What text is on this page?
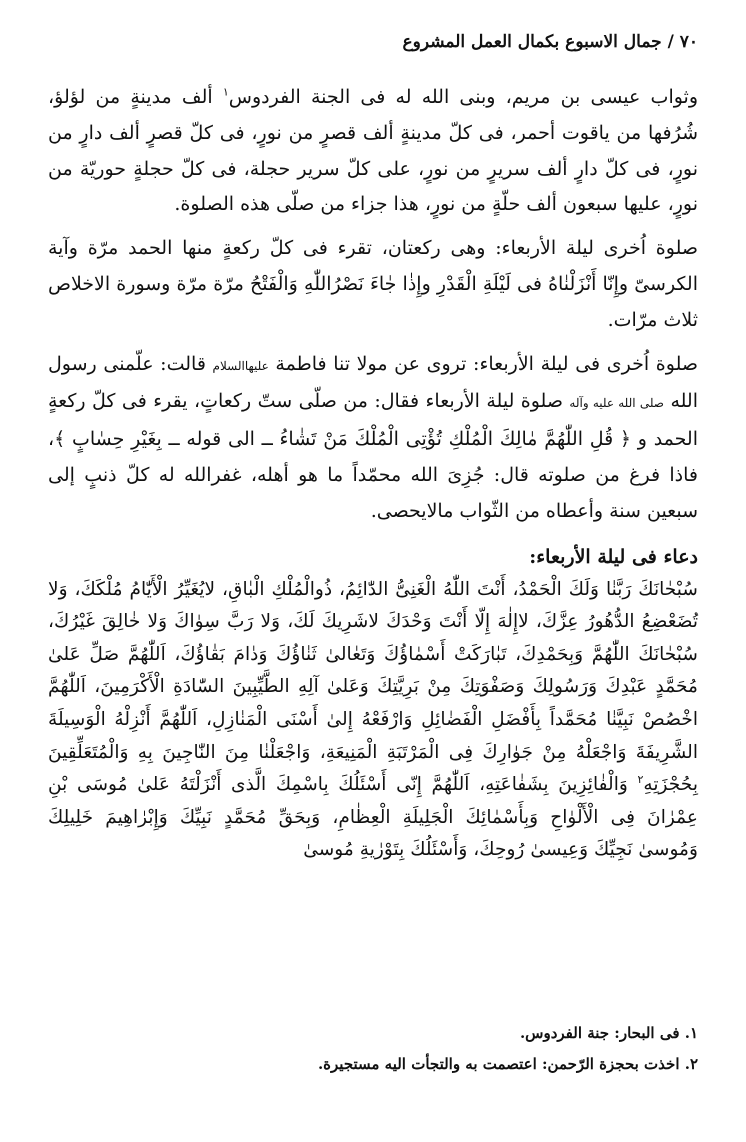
٧٠ / جمال الاسبوع بكمال العمل المشروع

وثواب عيسى بن مريم، وبنى الله له فى الجنة الفردوس$^١$ ألف مدينةٍ من لؤلؤ، شُرُفها من ياقوت أحمر، فى كلّ مدينةٍ ألف قصرٍ من نورٍ، فى كلّ قصرٍ ألف دارٍ من نورٍ، فى كلّ دارٍ ألف سريرٍ من نورٍ، على كلّ سرير حجلة، فى كلّ حجلةٍ حوريّة من نورٍ، عليها سبعون ألف حلّةٍ من نورٍ، هذا جزاء من صلّى هذه الصلوة.

صلوة اُخرى ليلة الأربعاء: وهى ركعتان، تقرء فى كلّ ركعةٍ منها الحمد مرّة وآية الكرسىّ وإِنّا أَنْزَلْنٰاهُ فى لَيْلَةِ الْقَدْرِ وإِذٰا جٰاءَ نَصْرُاللّٰهِ وَالْفَتْحُ مرّة مرّة وسورة الاخلاص ثلاث مرّات.

صلوة اُخرى فى ليلة الأربعاء: تروى عن مولا تنا فاطمة عليهاالسلام قالت: علّمنى رسول الله صلى الله عليه وآله صلوة ليلة الأربعاء فقال: من صلّى ستّ ركعاتٍ، يقرء فى كلّ ركعةٍ الحمد و ﴿ قُلِ اللّٰهُمَّ مٰالِكَ الْمُلْكِ تُؤْتِى الْمُلْكَ مَنْ تَشٰاءُ ــ الى قوله ــ بِغَيْرِ حِسٰابٍ ﴾، فاذا فرغ من صلوته قال: جُزِىَ الله محمّداً ما هو أهله، غفرالله له كلّ ذنبٍ إلى سبعين سنة وأعطاه من الثّواب مالايحصى.

دعاء فى ليلة الأربعاء:

سُبْحٰانَكَ رَبَّنٰا وَلَكَ الْحَمْدُ، أَنْتَ اللّٰهُ الْغَنِىُّ الدّٰائِمُ، ذُوالْمُلْكِ الْبٰاقِ، لايُغَيِّرُ الْأَيّٰامُ مُلْكَكَ، وَلا تُضَعْضِعُ الدُّهُورُ عِزَّكَ، لاإِلٰهَ إِلّا أَنْتَ وَحْدَكَ لاشَرِيكَ لَكَ، وَلا رَبَّ سِوٰاكَ وَلا خٰالِقَ غَيْرُكَ، سُبْحٰانَكَ اللّٰهُمَّ وَبِحَمْدِكَ، تَبٰارَكَتْ أَسْمٰاؤُكَ وَتَعٰالىٰ ثَنٰاؤُكَ وَدٰامَ بَقٰاؤُكَ، اَللّٰهُمَّ صَلِّ عَلىٰ مُحَمَّدٍ عَبْدِكَ وَرَسُولِكَ وَصَفْوَتِكَ مِنْ بَرِيَّتِكَ وَعَلىٰ آلِهِ الطَّيِّبِينَ السّٰادَةِ الْأَكْرَمِينَ، اَللّٰهُمَّ اخْصُصْ نَبِيَّنٰا مُحَمَّداً بِأَفْضَلِ الْفَضٰائِلِ وَارْفَعْهُ إِلىٰ أَسْنَى الْمَنٰازِلِ، اَللّٰهُمَّ أَنْزِلْهُ الْوَسِيلَةَ الشَّرِيفَةَ وَاجْعَلْهُ مِنْ جَوٰارِكَ فِى الْمَرْتَبَةِ الْمَنِيعَةِ، وَاجْعَلْنٰا مِنَ النّٰاجِينَ بِهِ وَالْمُتَعَلِّقِينَ بِحُجْزَتِهِ$^٢$ وَالْفٰائِزِينَ بِشَفٰاعَتِهِ، اَللّٰهُمَّ إِنّى أَسْئَلُكَ بِاسْمِكَ الَّذى أَنْزَلْتَهُ عَلىٰ مُوسَى بْنِ عِمْرٰانَ فِى الْأَلْوٰاحِ وَبِأَسْمٰائِكَ الْجَلِيلَةِ الْعِظٰامِ، وَبِحَقِّ مُحَمَّدٍ نَبِيِّكَ وَإِبْرٰاهِيمَ خَلِيلِكَ وَمُوسىٰ نَجِيِّكَ وَعِيسىٰ رُوحِكَ، وَأَسْئَلُكَ بِتَوْرٰيةِ مُوسىٰ

١. فى البحار: جنة الفردوس.

٢. اخذت بحجزة الرّحمن: اعتصمت به والتجأت اليه مستجيرة.
